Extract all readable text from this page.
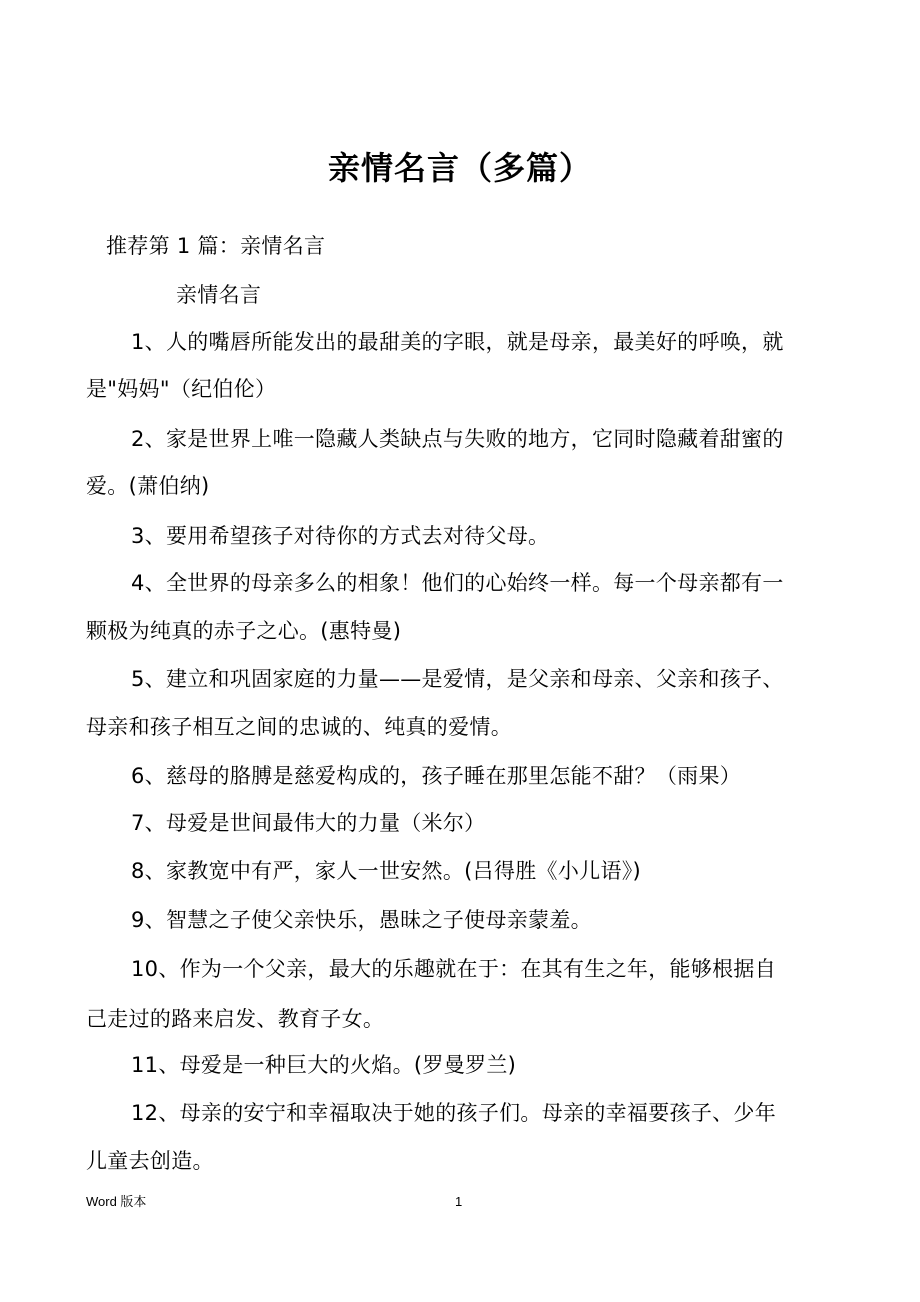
亲情名言（多篇）
推荐第 1 篇：亲情名言
亲情名言
1、人的嘴唇所能发出的最甜美的字眼，就是母亲，最美好的呼唤，就
是"妈妈"（纪伯伦）
2、家是世界上唯一隐藏人类缺点与失败的地方，它同时隐藏着甜蜜的
爱。(萧伯纳)
3、要用希望孩子对待你的方式去对待父母。
4、全世界的母亲多么的相象！他们的心始终一样。每一个母亲都有一
颗极为纯真的赤子之心。(惠特曼)
5、建立和巩固家庭的力量——是爱情，是父亲和母亲、父亲和孩子、
母亲和孩子相互之间的忠诚的、纯真的爱情。
6、慈母的胳膊是慈爱构成的，孩子睡在那里怎能不甜？（雨果）
7、母爱是世间最伟大的力量（米尔）
8、家教宽中有严，家人一世安然。(吕得胜《小儿语》)
9、智慧之子使父亲快乐，愚昧之子使母亲蒙羞。
10、作为一个父亲，最大的乐趣就在于：在其有生之年，能够根据自
己走过的路来启发、教育子女。
11、母爱是一种巨大的火焰。(罗曼罗兰)
12、母亲的安宁和幸福取决于她的孩子们。母亲的幸福要孩子、少年
儿童去创造。
Word 版本	1
